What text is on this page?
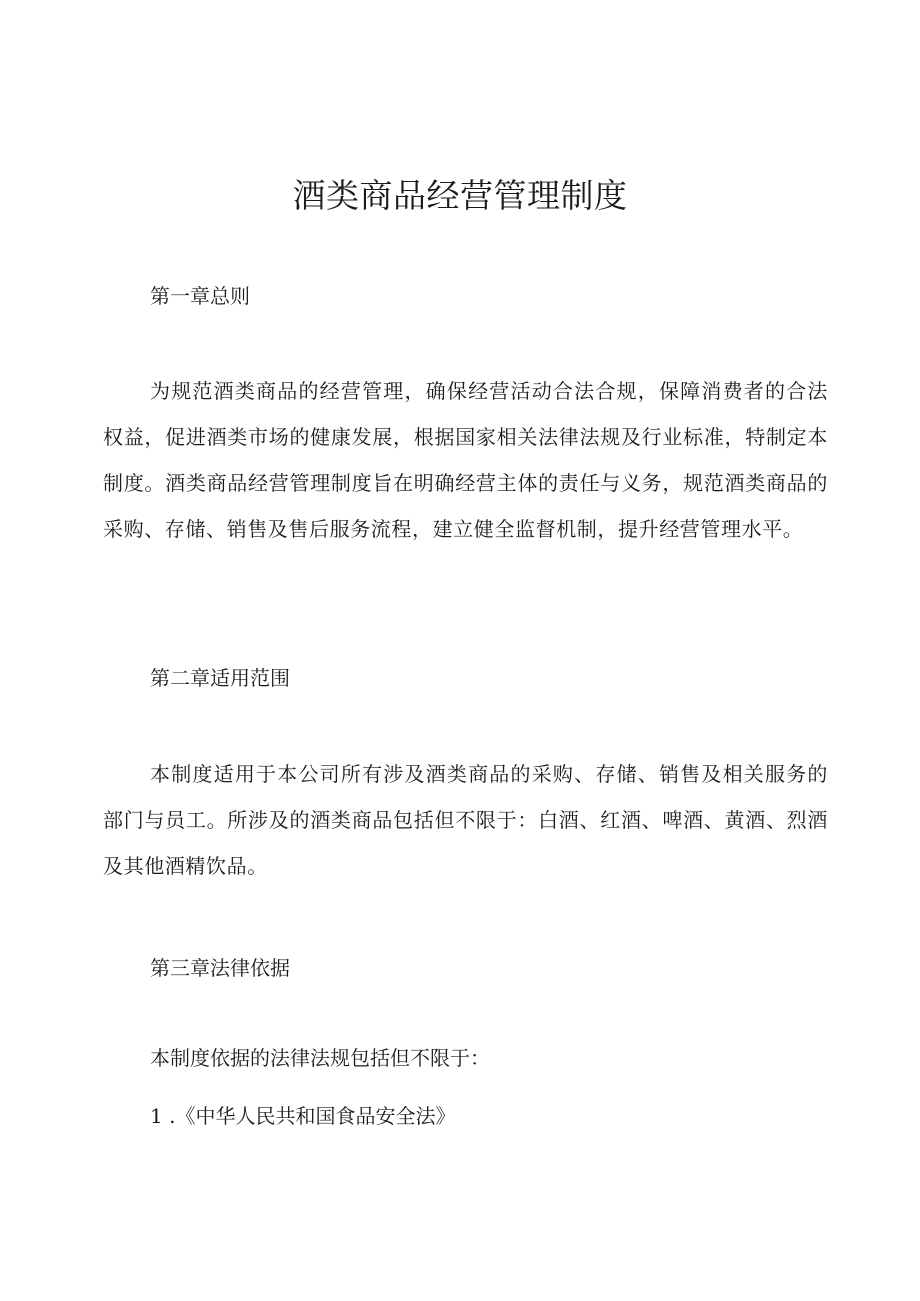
酒类商品经营管理制度
第一章总则

为规范酒类商品的经营管理，确保经营活动合法合规，保障消费者的合法权益，促进酒类市场的健康发展，根据国家相关法律法规及行业标准，特制定本制度。酒类商品经营管理制度旨在明确经营主体的责任与义务，规范酒类商品的采购、存储、销售及售后服务流程，建立健全监督机制，提升经营管理水平。

第二章适用范围

本制度适用于本公司所有涉及酒类商品的采购、存储、销售及相关服务的部门与员工。所涉及的酒类商品包括但不限于：白酒、红酒、啤酒、黄酒、烈酒及其他酒精饮品。

第三章法律依据

本制度依据的法律法规包括但不限于：

1 .《中华人民共和国食品安全法》
